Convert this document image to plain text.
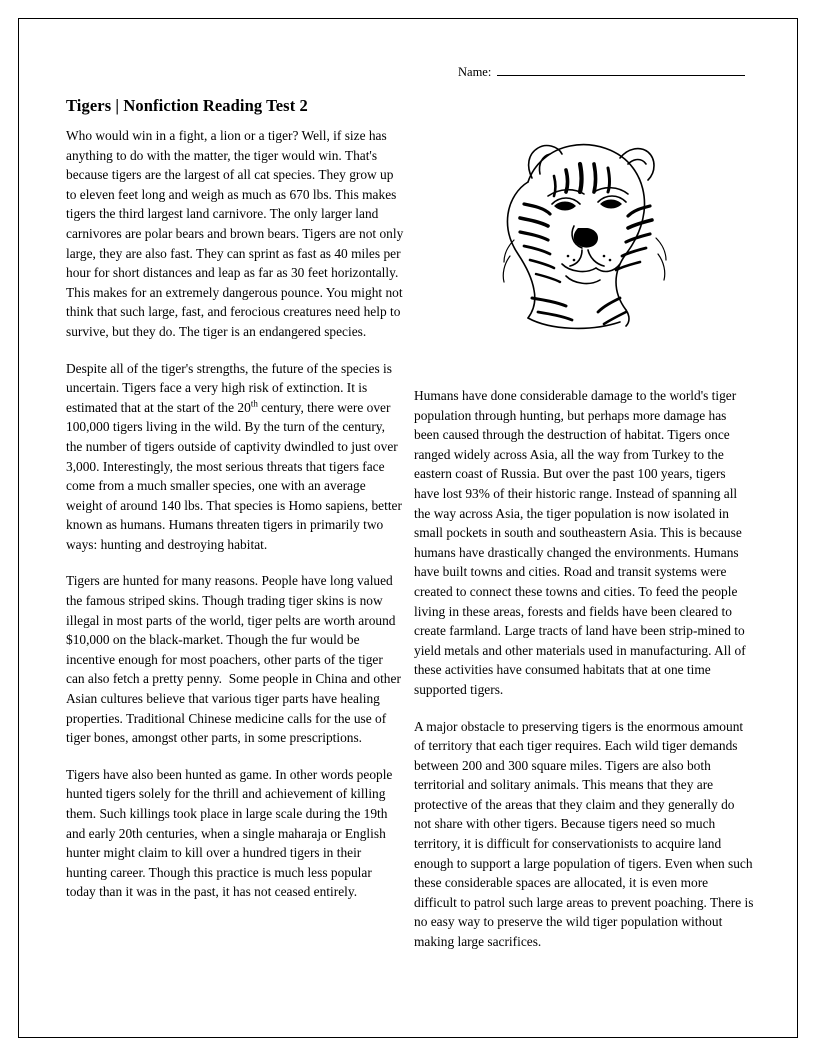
Name:
Tigers | Nonfiction Reading Test 2

Who would win in a fight, a lion or a tiger? Well, if size has anything to do with the matter, the tiger would win. That's because tigers are the largest of all cat species. They grow up to eleven feet long and weigh as much as 670 lbs. This makes tigers the third largest land carnivore. The only larger land carnivores are polar bears and brown bears. Tigers are not only large, they are also fast. They can sprint as fast as 40 miles per hour for short distances and leap as far as 30 feet horizontally.  This makes for an extremely dangerous pounce. You might not think that such large, fast, and ferocious creatures need help to survive, but they do. The tiger is an endangered species.

Despite all of the tiger's strengths, the future of the species is uncertain. Tigers face a very high risk of extinction. It is estimated that at the start of the 20th century, there were over 100,000 tigers living in the wild. By the turn of the century, the number of tigers outside of captivity dwindled to just over 3,000. Interestingly, the most serious threats that tigers face come from a much smaller species, one with an average weight of around 140 lbs. That species is Homo sapiens, better known as humans. Humans threaten tigers in primarily two ways: hunting and destroying habitat.

Tigers are hunted for many reasons. People have long valued the famous striped skins. Though trading tiger skins is now illegal in most parts of the world, tiger pelts are worth around $10,000 on the black-market. Though the fur would be incentive enough for most poachers, other parts of the tiger can also fetch a pretty penny.  Some people in China and other Asian cultures believe that various tiger parts have healing properties. Traditional Chinese medicine calls for the use of tiger bones, amongst other parts, in some prescriptions.

Tigers have also been hunted as game. In other words people hunted tigers solely for the thrill and achievement of killing them. Such killings took place in large scale during the 19th and early 20th centuries, when a single maharaja or English hunter might claim to kill over a hundred tigers in their hunting career. Though this practice is much less popular today than it was in the past, it has not ceased entirely.

Humans have done considerable damage to the world's tiger population through hunting, but perhaps more damage has been caused through the destruction of habitat. Tigers once ranged widely across Asia, all the way from Turkey to the eastern coast of Russia. But over the past 100 years, tigers have lost 93% of their historic range. Instead of spanning all the way across Asia, the tiger population is now isolated in small pockets in south and southeastern Asia. This is because humans have drastically changed the environments. Humans have built towns and cities. Road and transit systems were created to connect these towns and cities. To feed the people living in these areas, forests and fields have been cleared to create farmland. Large tracts of land have been strip-mined to yield metals and other materials used in manufacturing. All of these activities have consumed habitats that at one time supported tigers.

A major obstacle to preserving tigers is the enormous amount of territory that each tiger requires. Each wild tiger demands between 200 and 300 square miles. Tigers are also both territorial and solitary animals. This means that they are protective of the areas that they claim and they generally do not share with other tigers. Because tigers need so much territory, it is difficult for conservationists to acquire land enough to support a large population of tigers. Even when such these considerable spaces are allocated, it is even more difficult to patrol such large areas to prevent poaching. There is no easy way to preserve the wild tiger population without making large sacrifices.
